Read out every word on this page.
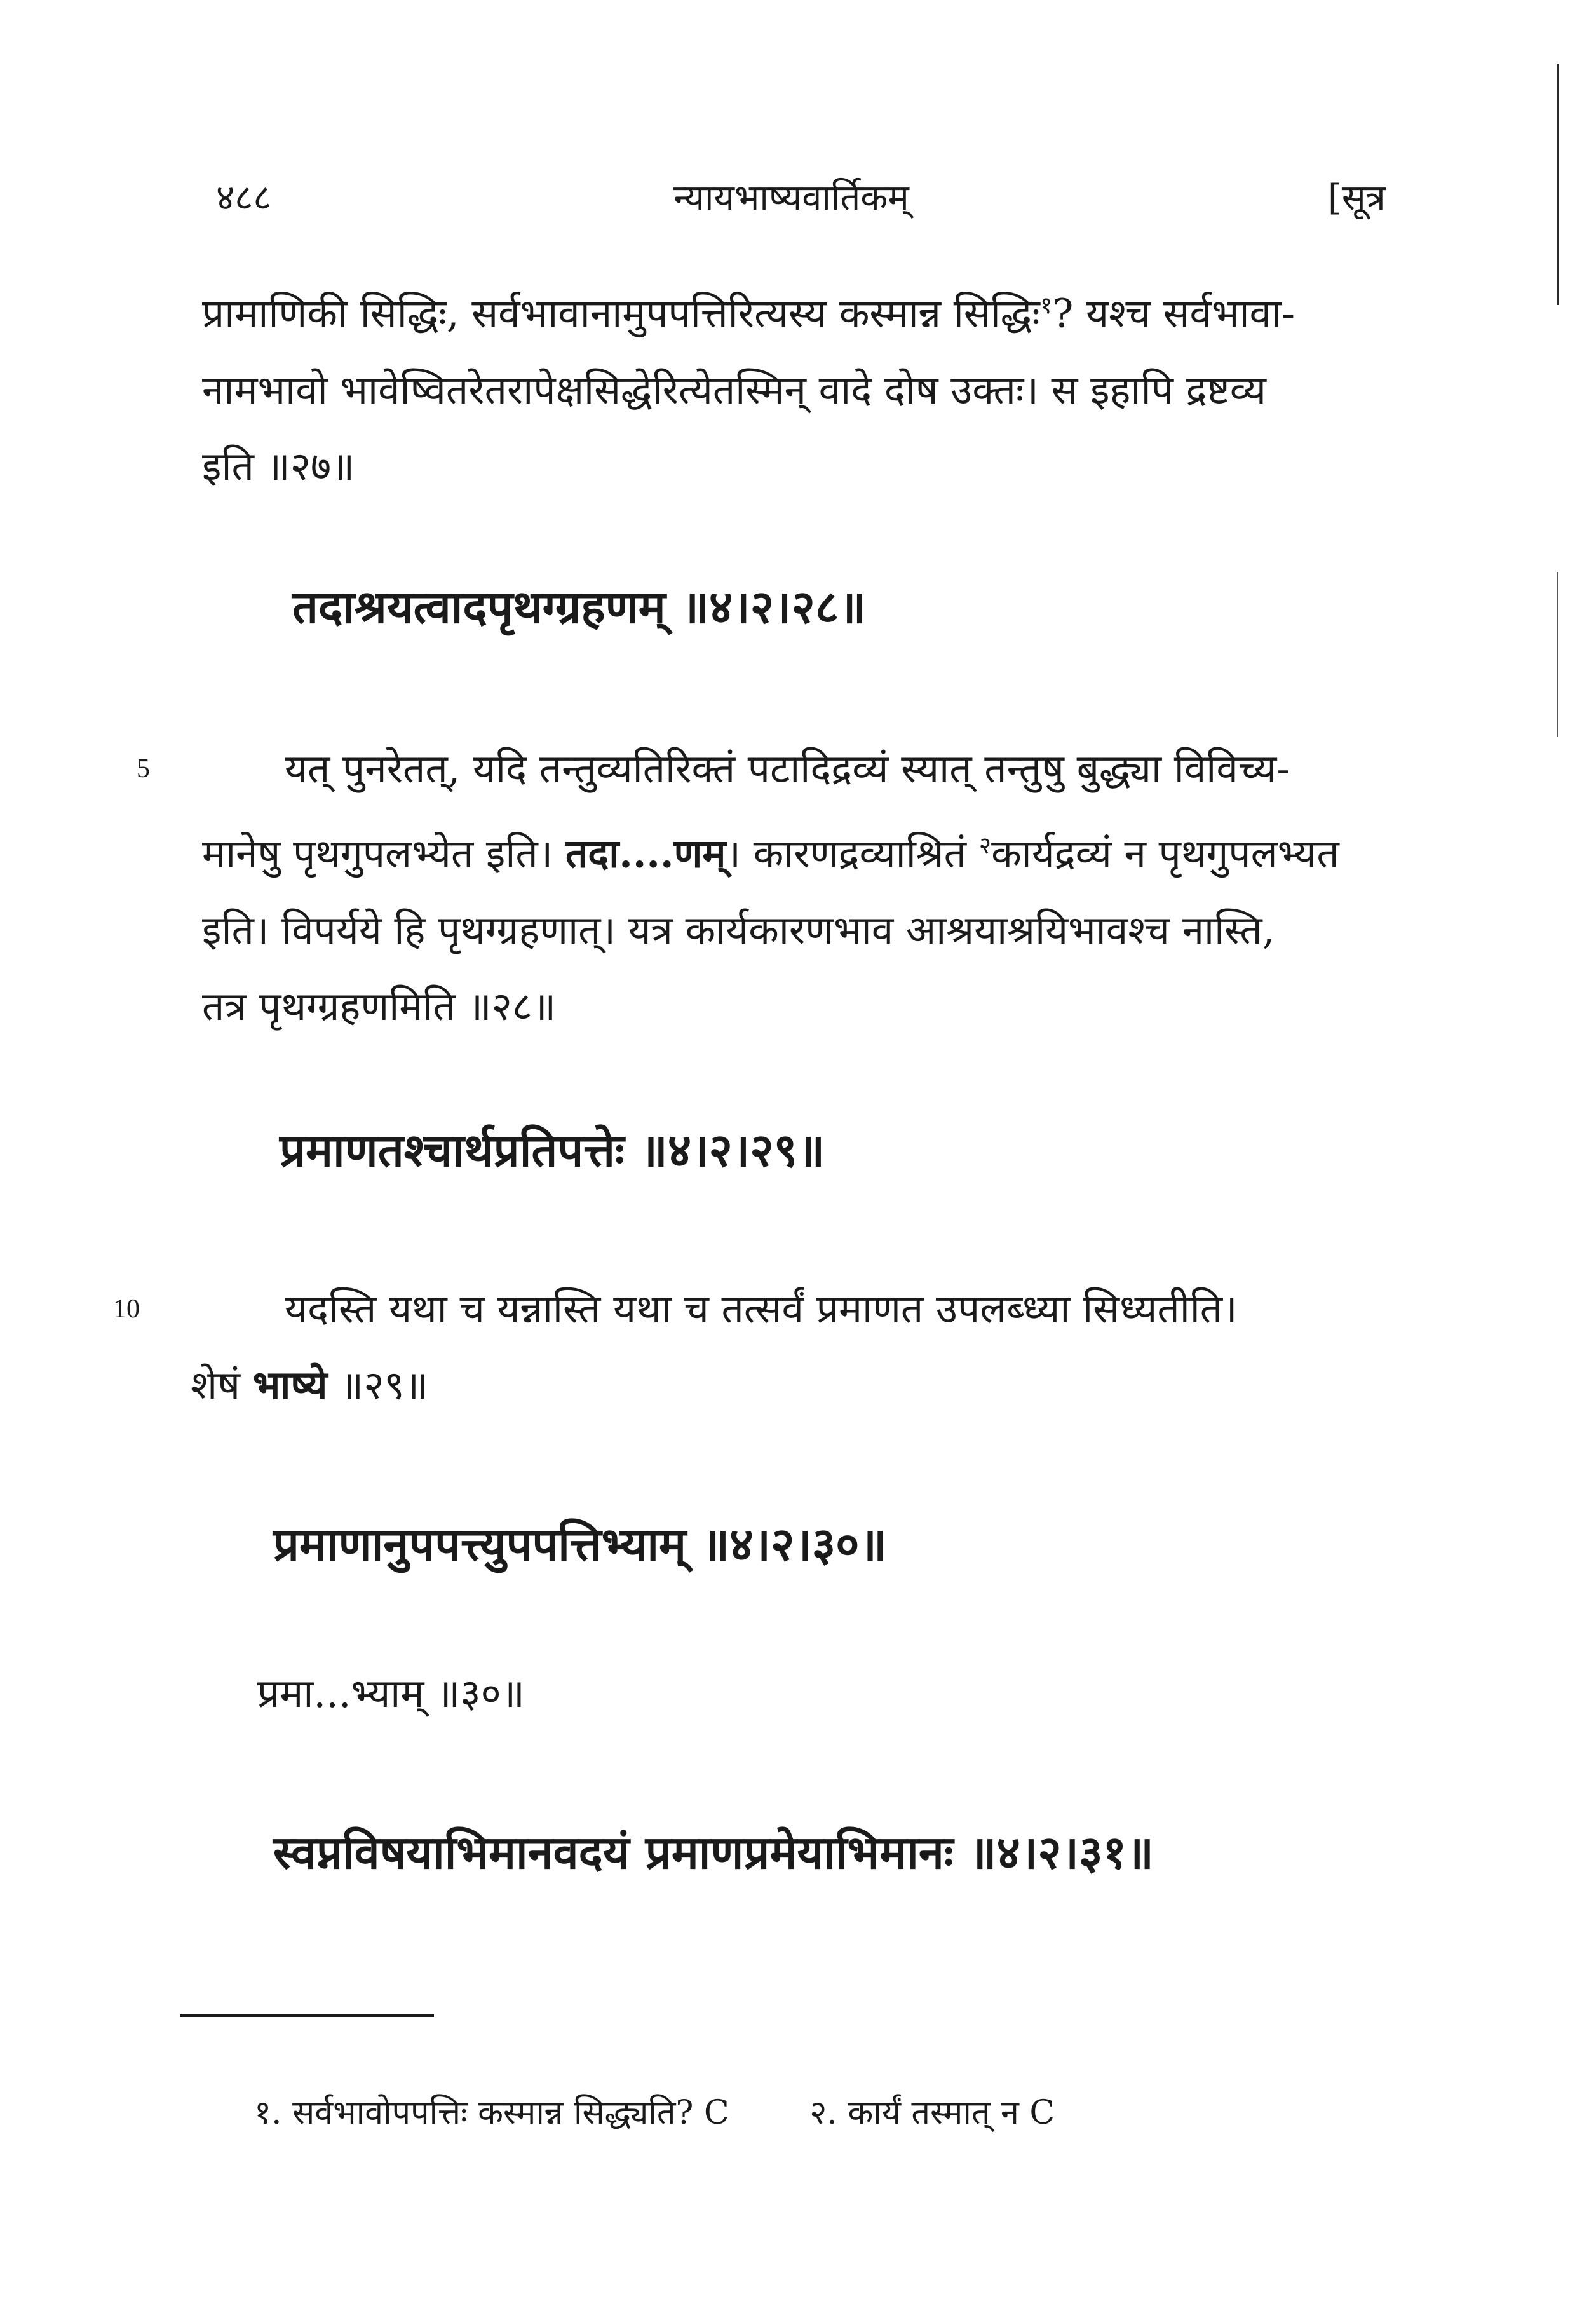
४८८	न्यायभाष्यवार्तिकम्	[सूत्र
प्रामाणिकी सिद्धिः, सर्वभावानामुपपत्तिरित्यस्य कस्मान्न सिद्धिः$^१$? यश्च सर्वभावा-
नामभावो भावेष्वितरेतरापेक्षसिद्धेरित्येतस्मिन् वादे दोष उक्तः। स इहापि द्रष्टव्य
इति ॥२७॥
तदाश्रयत्वादपृथग्ग्रहणम् ॥४।२।२८॥
5	यत् पुनरेतत्, यदि तन्तुव्यतिरिक्तं पटादिद्रव्यं स्यात् तन्तुषु बुद्ध्या विविच्य-
मानेषु पृथगुपलभ्येत इति। तदा....णम्। कारणद्रव्याश्रितं $^२$कार्यद्रव्यं न पृथगुपलभ्यत
इति। विपर्यये हि पृथग्ग्रहणात्। यत्र कार्यकारणभाव आश्रयाश्रयिभावश्च नास्ति,
तत्र पृथग्ग्रहणमिति ॥२८॥
प्रमाणतश्चार्थप्रतिपत्तेः ॥४।२।२९॥
10	यदस्ति यथा च यन्नास्ति यथा च तत्सर्वं प्रमाणत उपलब्ध्या सिध्यतीति।
शेषं भाष्ये ॥२९॥
प्रमाणानुपपत्त्युपपत्तिभ्याम् ॥४।२।३०॥
प्रमा...भ्याम् ॥३०॥
स्वप्नविषयाभिमानवदयं प्रमाणप्रमेयाभिमानः ॥४।२।३१॥
१. सर्वभावोपपत्तिः कस्मान्न सिद्ध्यति? C २. कार्यं तस्मात् न C
